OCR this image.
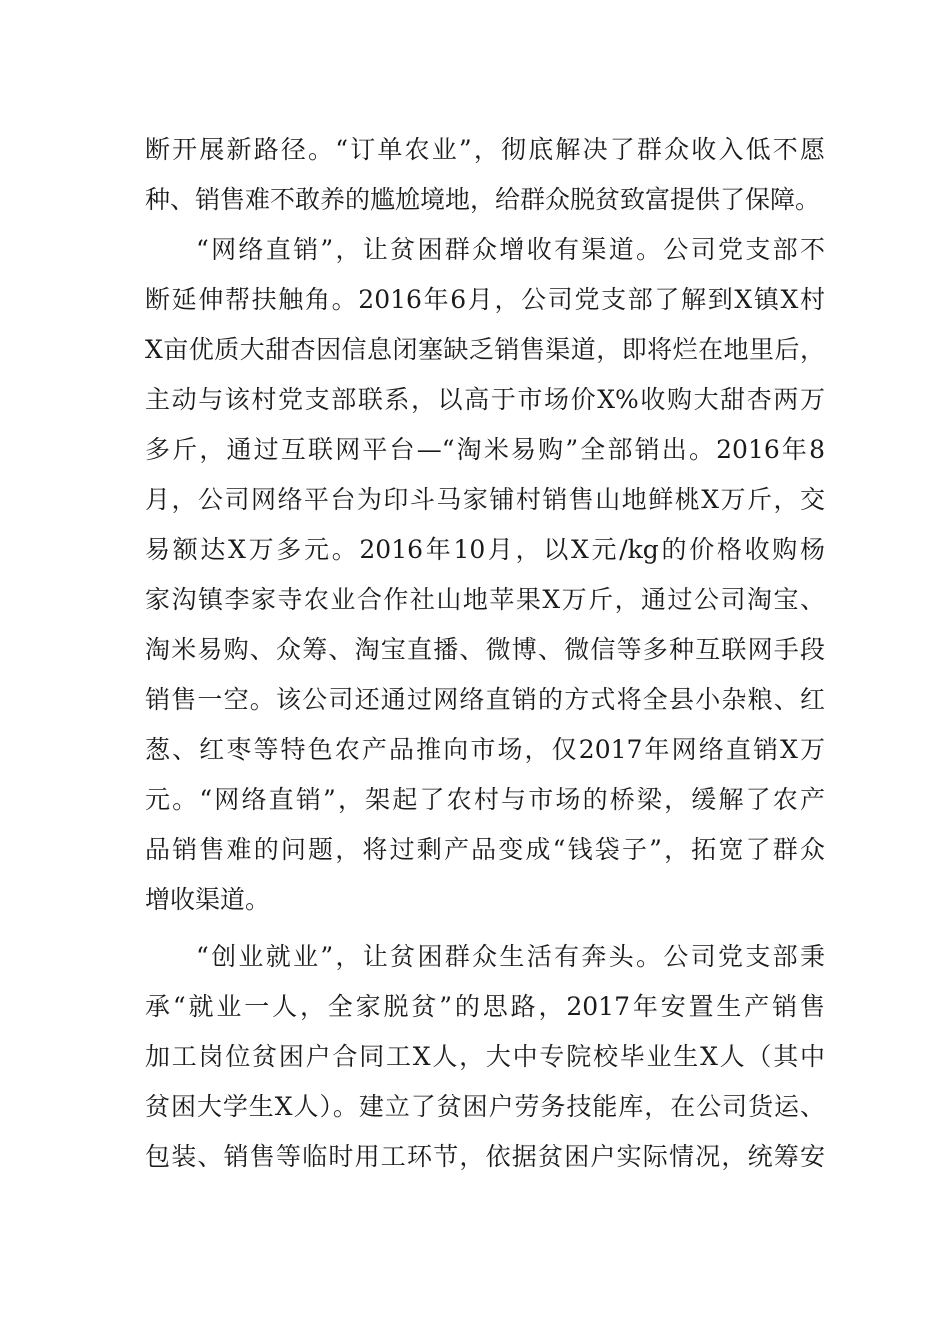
断开展新路径。“订单农业”，彻底解决了群众收入低不愿
种、销售难不敢养的尴尬境地，给群众脱贫致富提供了保障。
“网络直销”，让贫困群众增收有渠道。公司党支部不
断延伸帮扶触角。2016年6月，公司党支部了解到X镇X村
X亩优质大甜杏因信息闭塞缺乏销售渠道，即将烂在地里后，
主动与该村党支部联系，以高于市场价X%收购大甜杏两万
多斤，通过互联网平台—“淘米易购”全部销出。2016年8
月，公司网络平台为印斗马家铺村销售山地鲜桃X万斤，交
易额达X万多元。2016年10月，以X元/kg的价格收购杨
家沟镇李家寺农业合作社山地苹果X万斤，通过公司淘宝、
淘米易购、众筹、淘宝直播、微博、微信等多种互联网手段
销售一空。该公司还通过网络直销的方式将全县小杂粮、红
葱、红枣等特色农产品推向市场，仅2017年网络直销X万
元。“网络直销”，架起了农村与市场的桥梁，缓解了农产
品销售难的问题，将过剩产品变成“钱袋子”，拓宽了群众
增收渠道。
“创业就业”，让贫困群众生活有奔头。公司党支部秉
承“就业一人，全家脱贫”的思路，2017年安置生产销售
加工岗位贫困户合同工X人，大中专院校毕业生X人（其中
贫困大学生X人）。建立了贫困户劳务技能库，在公司货运、
包装、销售等临时用工环节，依据贫困户实际情况，统筹安
